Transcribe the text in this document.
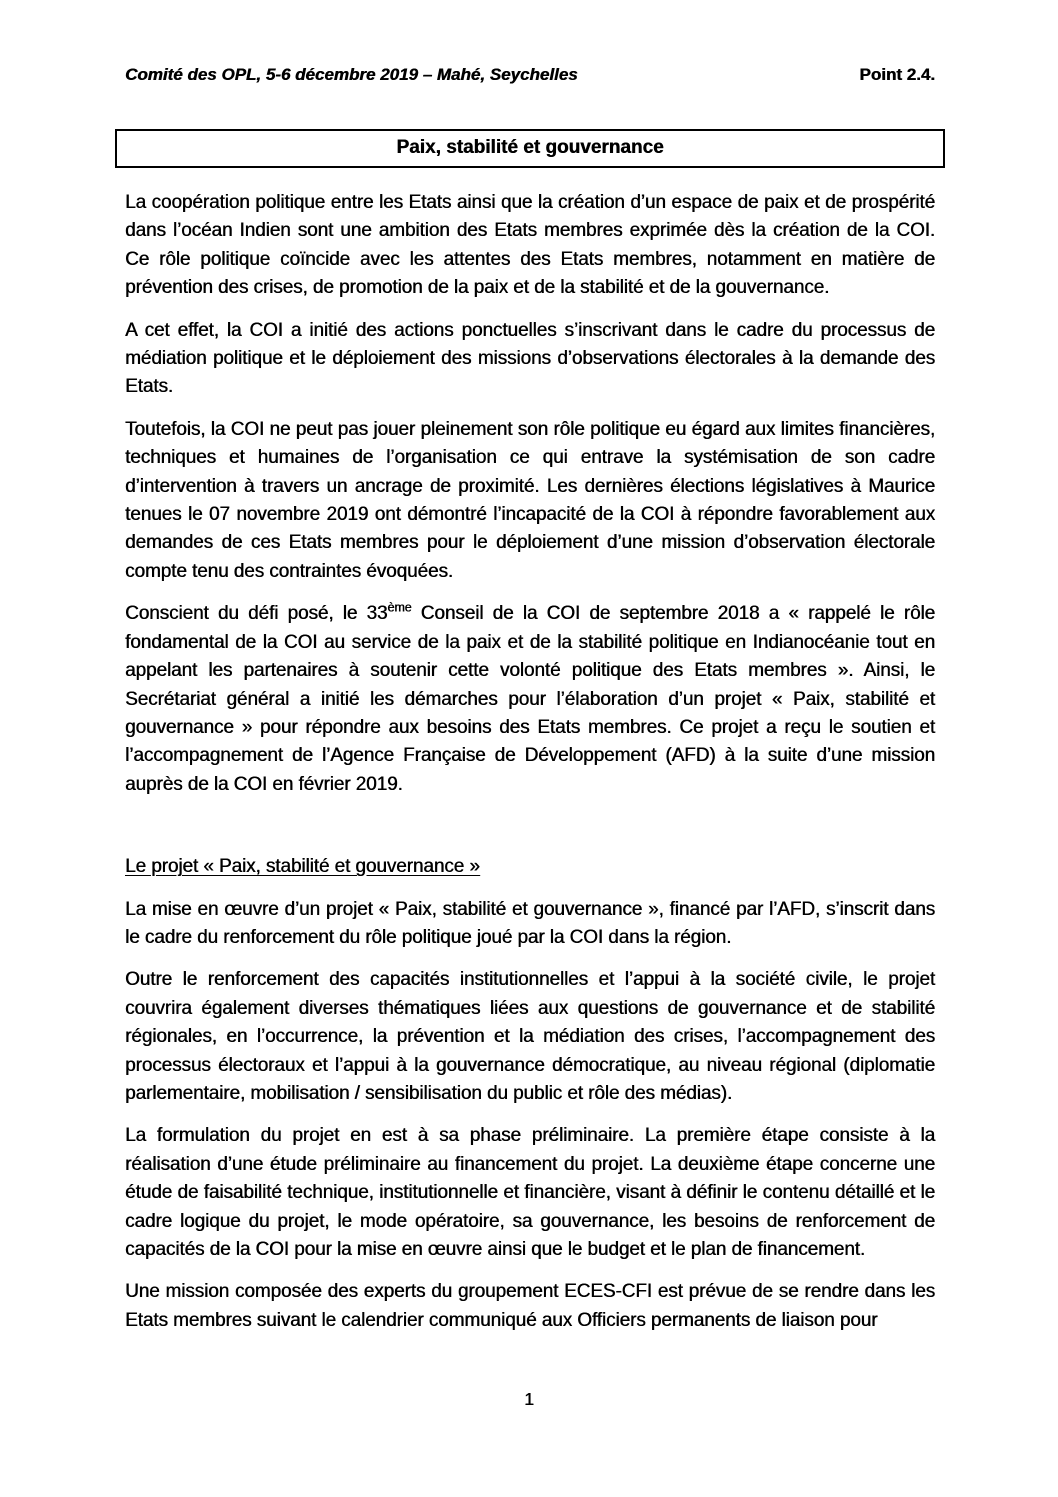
Comité des OPL, 5-6 décembre 2019 – Mahé, Seychelles	Point 2.4.
Paix, stabilité et gouvernance

La coopération politique entre les Etats ainsi que la création d’un espace de paix et de prospérité dans l’océan Indien sont une ambition des Etats membres exprimée dès la création de la COI. Ce rôle politique coïncide avec les attentes des Etats membres, notamment en matière de prévention des crises, de promotion de la paix et de la stabilité et de la gouvernance.

A cet effet, la COI a initié des actions ponctuelles s’inscrivant dans le cadre du processus de médiation politique et le déploiement des missions d’observations électorales à la demande des Etats.

Toutefois, la COI ne peut pas jouer pleinement son rôle politique eu égard aux limites financières, techniques et humaines de l’organisation ce qui entrave la systémisation de son cadre d’intervention à travers un ancrage de proximité. Les dernières élections législatives à Maurice tenues le 07 novembre 2019 ont démontré l’incapacité de la COI à répondre favorablement aux demandes de ces Etats membres pour le déploiement d’une mission d’observation électorale compte tenu des contraintes évoquées.

Conscient du défi posé, le 33ème Conseil de la COI de septembre 2018 a « rappelé le rôle fondamental de la COI au service de la paix et de la stabilité politique en Indianocéanie tout en appelant les partenaires à soutenir cette volonté politique des Etats membres ». Ainsi, le Secrétariat général a initié les démarches pour l’élaboration d’un projet « Paix, stabilité et gouvernance » pour répondre aux besoins des Etats membres. Ce projet a reçu le soutien et l’accompagnement de l’Agence Française de Développement (AFD) à la suite d’une mission auprès de la COI en février 2019.

Le projet « Paix, stabilité et gouvernance »

La mise en œuvre d’un projet « Paix, stabilité et gouvernance », financé par l’AFD, s’inscrit dans le cadre du renforcement du rôle politique joué par la COI dans la région.

Outre le renforcement des capacités institutionnelles et l’appui à la société civile, le projet couvrira également diverses thématiques liées aux questions de gouvernance et de stabilité régionales, en l’occurrence, la prévention et la médiation des crises, l’accompagnement des processus électoraux et l’appui à la gouvernance démocratique, au niveau régional (diplomatie parlementaire, mobilisation / sensibilisation du public et rôle des médias).

La formulation du projet en est à sa phase préliminaire. La première étape consiste à la réalisation d’une étude préliminaire au financement du projet. La deuxième étape concerne une étude de faisabilité technique, institutionnelle et financière, visant à définir le contenu détaillé et le cadre logique du projet, le mode opératoire, sa gouvernance, les besoins de renforcement de capacités de la COI pour la mise en œuvre ainsi que le budget et le plan de financement.

Une mission composée des experts du groupement ECES-CFI est prévue de se rendre dans les Etats membres suivant le calendrier communiqué aux Officiers permanents de liaison pour

1
